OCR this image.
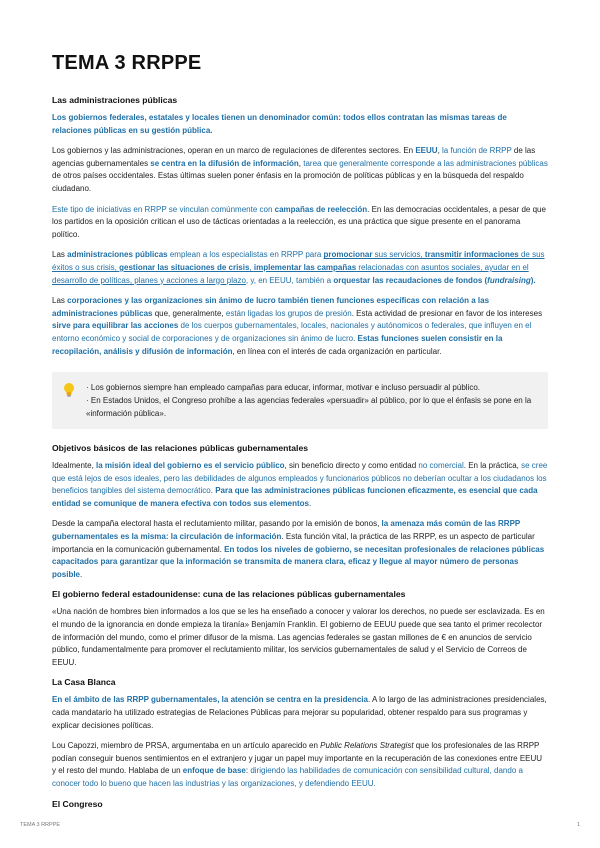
TEMA 3 RRPPE
Las administraciones públicas

Los gobiernos federales, estatales y locales tienen un denominador común: todos ellos contratan las mismas tareas de relaciones públicas en su gestión pública.

Los gobiernos y las administraciones, operan en un marco de regulaciones de diferentes sectores. En EEUU, la función de RRPP de las agencias gubernamentales se centra en la difusión de información, tarea que generalmente corresponde a las administraciones públicas de otros países occidentales. Estas últimas suelen poner énfasis en la promoción de políticas públicas y en la búsqueda del respaldo ciudadano.

Este tipo de iniciativas en RRPP se vinculan comúnmente con campañas de reelección. En las democracias occidentales, a pesar de que los partidos en la oposición critican el uso de tácticas orientadas a la reelección, es una práctica que sigue presente en el panorama político.

Las administraciones públicas emplean a los especialistas en RRPP para promocionar sus servicios, transmitir informaciones de sus éxitos o sus crisis, gestionar las situaciones de crisis, implementar las campañas relacionadas con asuntos sociales, ayudar en el desarrollo de políticas, planes y acciones a largo plazo, y, en EEUU, también a orquestar las recaudaciones de fondos (fundraising).

Las corporaciones y las organizaciones sin ánimo de lucro también tienen funciones específicas con relación a las administraciones públicas que, generalmente, están ligadas los grupos de presión. Esta actividad de presionar en favor de los intereses sirve para equilibrar las acciones de los cuerpos gubernamentales, locales, nacionales y autónomicos o federales, que influyen en el entorno económico y social de corporaciones y de organizaciones sin ánimo de lucro. Estas funciones suelen consistir en la recopilación, análisis y difusión de información, en línea con el interés de cada organización en particular.

· Los gobiernos siempre han empleado campañas para educar, informar, motivar e incluso persuadir al público.

· En Estados Unidos, el Congreso prohíbe a las agencias federales «persuadir» al público, por lo que el énfasis se pone en la «información pública».

Objetivos básicos de las relaciones públicas gubernamentales

Idealmente, la misión ideal del gobierno es el servicio público, sin beneficio directo y como entidad no comercial. En la práctica, se cree que está lejos de esos ideales, pero las debilidades de algunos empleados y funcionarios públicos no deberían ocultar a los ciudadanos los beneficios tangibles del sistema democrático. Para que las administraciones públicas funcionen eficazmente, es esencial que cada entidad se comunique de manera efectiva con todos sus elementos.

Desde la campaña electoral hasta el reclutamiento militar, pasando por la emisión de bonos, la amenaza más común de las RRPP gubernamentales es la misma: la circulación de información. Esta función vital, la práctica de las RRPP, es un aspecto de particular importancia en la comunicación gubernamental. En todos los niveles de gobierno, se necesitan profesionales de relaciones públicas capacitados para garantizar que la información se transmita de manera clara, eficaz y llegue al mayor número de personas posible.

El gobierno federal estadounidense: cuna de las relaciones públicas gubernamentales

«Una nación de hombres bien informados a los que se les ha enseñado a conocer y valorar los derechos, no puede ser esclavizada. Es en el mundo de la ignorancia en donde empieza la tiranía» Benjamín Franklin. El gobierno de EEUU puede que sea tanto el primer recolector de información del mundo, como el primer difusor de la misma. Las agencias federales se gastan millones de € en anuncios de servicio público, fundamentalmente para promover el reclutamiento militar, los servicios gubernamentales de salud y el Servicio de Correos de EEUU.

La Casa Blanca

En el ámbito de las RRPP gubernamentales, la atención se centra en la presidencia. A lo largo de las administraciones presidenciales, cada mandatario ha utilizado estrategias de Relaciones Públicas para mejorar su popularidad, obtener respaldo para sus programas y explicar decisiones políticas.

Lou Capozzi, miembro de PRSA, argumentaba en un artículo aparecido en Public Relations Strategist que los profesionales de las RRPP podían conseguir buenos sentimientos en el extranjero y jugar un papel muy importante en la recuperación de las conexiones entre EEUU y el resto del mundo. Hablaba de un enfoque de base: dirigiendo las habilidades de comunicación con sensibilidad cultural, dando a conocer todo lo bueno que hacen las industrias y las organizaciones, y defendiendo EEUU.

El Congreso
TEMA 3 RRPPE	1
